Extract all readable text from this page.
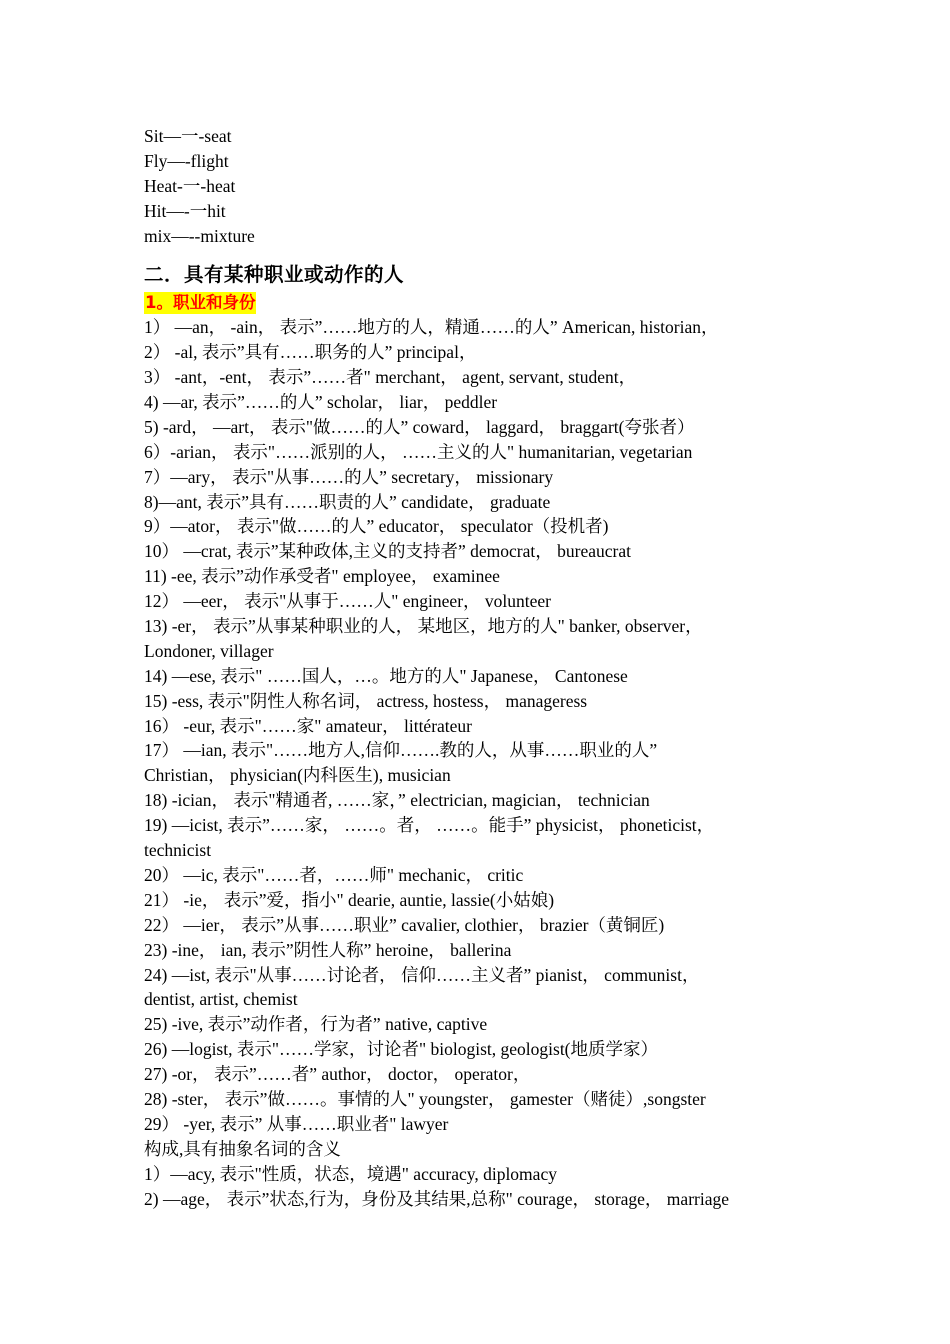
Sit—一-seat
Fly—-flight
Heat-一-heat
Hit—-一hit
mix—--mixture
二．具有某种职业或动作的人
1。职业和身份
1） —an， -ain， 表示”……地方的人，精通……的人” American, historian，
2） -al, 表示”具有……职务的人” principal，
3） -ant，-ent， 表示”……者" merchant， agent, servant, student，
4) —ar, 表示”……的人” scholar， liar， peddler
5) -ard， —art， 表示"做……的人” coward， laggard， braggart(夸张者）
6）-arian， 表示"……派别的人， ……主义的人" humanitarian, vegetarian
7）—ary， 表示"从事……的人” secretary， missionary
8)—ant, 表示”具有……职责的人” candidate， graduate
9）—ator， 表示"做……的人” educator， speculator（投机者)
10） —crat, 表示”某种政体,主义的支持者” democrat， bureaucrat
11) -ee, 表示”动作承受者" employee， examinee
12） —eer， 表示"从事于……人" engineer， volunteer
13) -er， 表示”从事某种职业的人， 某地区，地方的人" banker, observer，
Londoner, villager
14) —ese, 表示" ……国人，…。地方的人" Japanese， Cantonese
15) -ess, 表示"阴性人称名词， actress, hostess， manageress
16） -eur, 表示"……家" amateur， littérateur
17） —ian, 表示"……地方人,信仰…….教的人，从事……职业的人”
Christian， physician(内科医生), musician
18) -ician， 表示"精通者, ……家，” electrician, magician， technician
19) —icist, 表示”……家， ……。者， ……。能手” physicist， phoneticist，
technicist
20） —ic, 表示"……者，……师" mechanic， critic
21） -ie， 表示”爱，指小" dearie, auntie, lassie(小姑娘)
22） —ier， 表示”从事……职业” cavalier, clothier， brazier（黄铜匠)
23) -ine， ian, 表示”阴性人称” heroine， ballerina
24) —ist, 表示"从事……讨论者， 信仰……主义者” pianist， communist，
dentist, artist, chemist
25) -ive, 表示”动作者，行为者” native, captive
26) —logist, 表示"……学家，讨论者" biologist, geologist(地质学家）
27) -or， 表示”……者” author， doctor， operator，
28) -ster， 表示”做……。事情的人" youngster， gamester（赌徒）,songster
29） -yer, 表示” 从事……职业者" lawyer
构成,具有抽象名词的含义
1）—acy, 表示"性质，状态，境遇" accuracy, diplomacy
2) —age， 表示”状态,行为，身份及其结果,总称" courage， storage， marriage
